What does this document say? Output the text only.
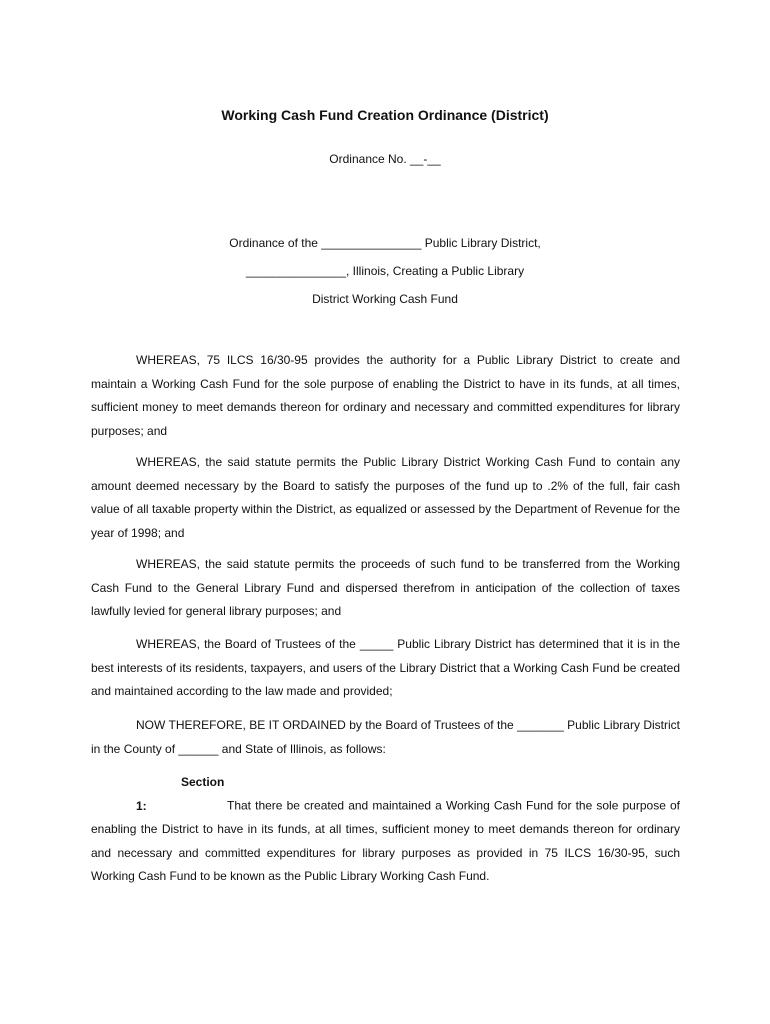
Working Cash Fund Creation Ordinance (District)
Ordinance No. __-__
Ordinance of the _______________ Public Library District,
_______________, Illinois, Creating a Public Library
District Working Cash Fund

WHEREAS, 75 ILCS 16/30-95 provides the authority for a Public Library District to create and maintain a Working Cash Fund for the sole purpose of enabling the District to have in its funds, at all times, sufficient money to meet demands thereon for ordinary and necessary and committed expenditures for library purposes; and

WHEREAS, the said statute permits the Public Library District Working Cash Fund to contain any amount deemed necessary by the Board to satisfy the purposes of the fund up to .2% of the full, fair cash value of all taxable property within the District, as equalized or assessed by the Department of Revenue for the year of 1998; and

WHEREAS, the said statute permits the proceeds of such fund to be transferred from the Working Cash Fund to the General Library Fund and dispersed therefrom in anticipation of the collection of taxes lawfully levied for general library purposes; and

WHEREAS, the Board of Trustees of the _____ Public Library District has determined that it is in the best interests of its residents, taxpayers, and users of the Library District that a Working Cash Fund be created and maintained according to the law made and provided;

NOW THEREFORE, BE IT ORDAINED by the Board of Trustees of the _______ Public Library District in the County of ______ and State of Illinois, as follows:

Section 1:	That there be created and maintained a Working Cash Fund for the sole purpose of enabling the District to have in its funds, at all times, sufficient money to meet demands thereon for ordinary and necessary and committed expenditures for library purposes as provided in 75 ILCS 16/30-95, such Working Cash Fund to be known as the Public Library Working Cash Fund.
